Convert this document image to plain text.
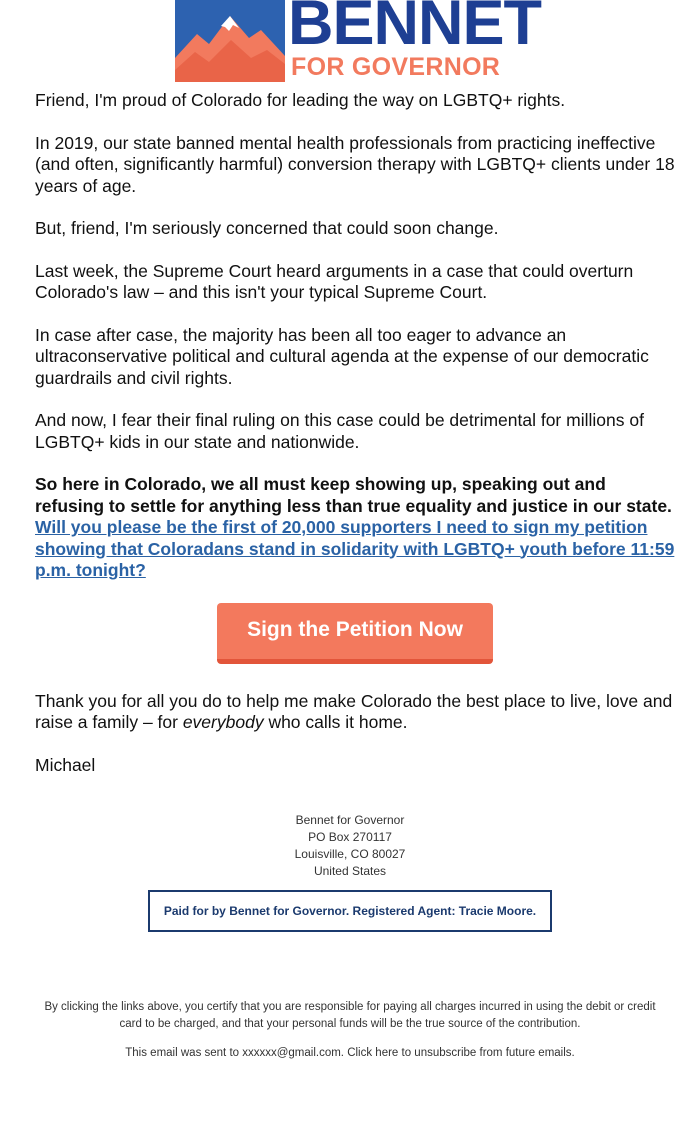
BENNET
FOR GOVERNOR

Friend, I'm proud of Colorado for leading the way on LGBTQ+ rights.

In 2019, our state banned mental health professionals from practicing ineffective (and often, significantly harmful) conversion therapy with LGBTQ+ clients under 18 years of age.

But, friend, I'm seriously concerned that could soon change.

Last week, the Supreme Court heard arguments in a case that could overturn Colorado's law – and this isn't your typical Supreme Court.

In case after case, the majority has been all too eager to advance an ultraconservative political and cultural agenda at the expense of our democratic guardrails and civil rights.

And now, I fear their final ruling on this case could be detrimental for millions of LGBTQ+ kids in our state and nationwide.

So here in Colorado, we all must keep showing up, speaking out and refusing to settle for anything less than true equality and justice in our state. Will you please be the first of 20,000 supporters I need to sign my petition showing that Coloradans stand in solidarity with LGBTQ+ youth before 11:59 p.m. tonight?

Sign the Petition Now

Thank you for all you do to help me make Colorado the best place to live, love and raise a family – for everybody who calls it home.

Michael

Bennet for Governor
PO Box 270117
Louisville, CO 80027
United States
Paid for by Bennet for Governor. Registered Agent: Tracie Moore.
By clicking the links above, you certify that you are responsible for paying all charges incurred in using the debit or credit card to be charged, and that your personal funds will be the true source of the contribution.
This email was sent to xxxxxx@gmail.com. Click here to unsubscribe from future emails.
